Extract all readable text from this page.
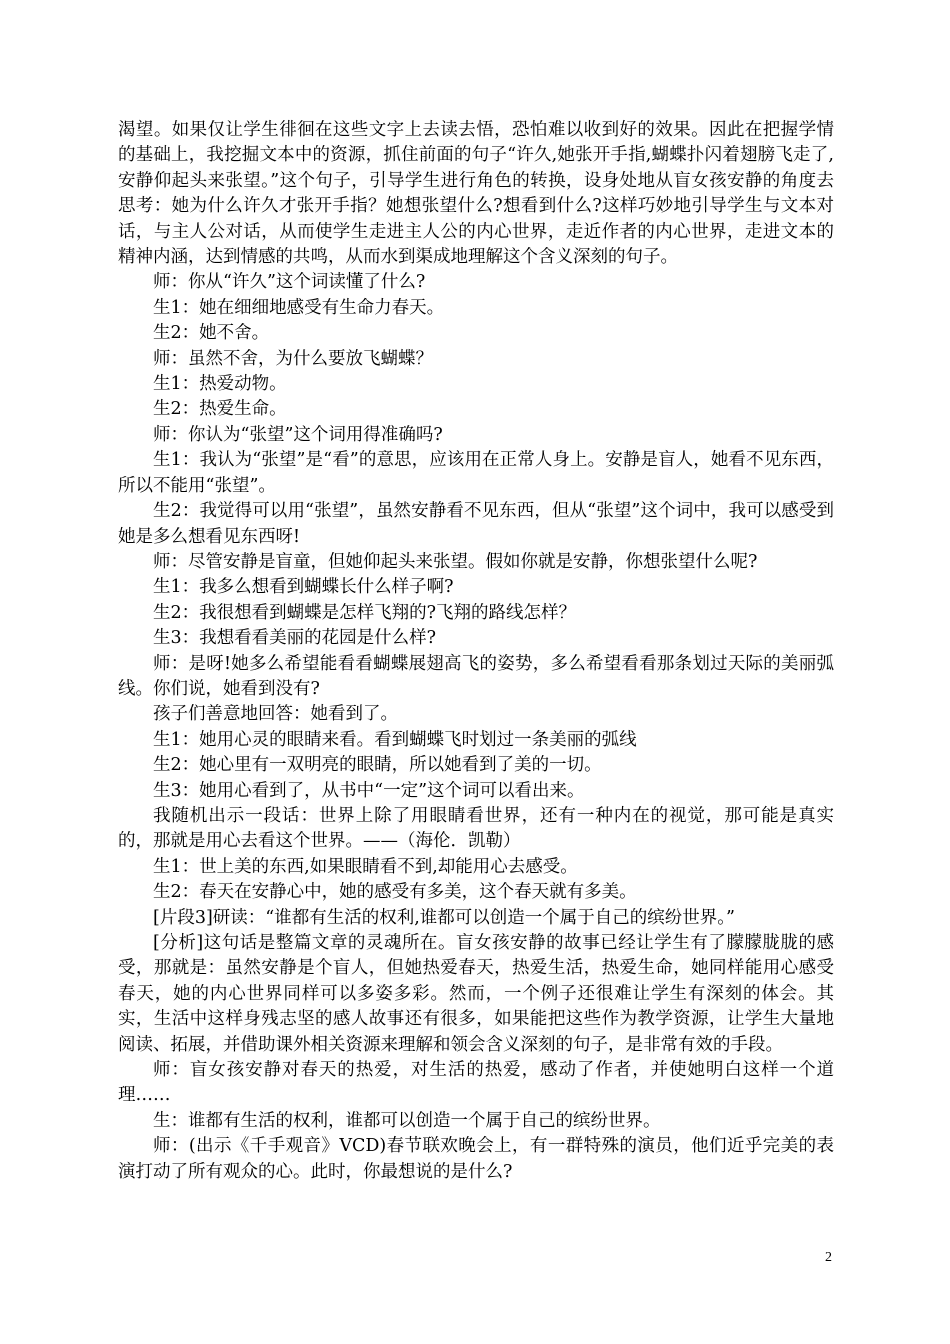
渴望。如果仅让学生徘徊在这些文字上去读去悟，恐怕难以收到好的效果。因此在把握学情的基础上，我挖掘文本中的资源，抓住前面的句子“许久,她张开手指,蝴蝶扑闪着翅膀飞走了,安静仰起头来张望。”这个句子，引导学生进行角色的转换，设身处地从盲女孩安静的角度去思考：她为什么许久才张开手指？她想张望什么?想看到什么?这样巧妙地引导学生与文本对话，与主人公对话，从而使学生走进主人公的内心世界，走近作者的内心世界，走进文本的精神内涵，达到情感的共鸣，从而水到渠成地理解这个含义深刻的句子。

师：你从“许久”这个词读懂了什么?

生1：她在细细地感受有生命力春天。

生2：她不舍。

师：虽然不舍，为什么要放飞蝴蝶？

生1：热爱动物。

生2：热爱生命。

师：你认为“张望”这个词用得准确吗?

生1：我认为“张望”是“看”的意思，应该用在正常人身上。安静是盲人，她看不见东西，所以不能用“张望”。

生2：我觉得可以用“张望”，虽然安静看不见东西，但从“张望”这个词中，我可以感受到她是多么想看见东西呀!

师：尽管安静是盲童，但她仰起头来张望。假如你就是安静，你想张望什么呢?

生1：我多么想看到蝴蝶长什么样子啊?

生2：我很想看到蝴蝶是怎样飞翔的?飞翔的路线怎样？

生3：我想看看美丽的花园是什么样?

师：是呀!她多么希望能看看蝴蝶展翅高飞的姿势，多么希望看看那条划过天际的美丽弧线。你们说，她看到没有?

孩子们善意地回答：她看到了。

生1：她用心灵的眼睛来看。看到蝴蝶飞时划过一条美丽的弧线

生2：她心里有一双明亮的眼睛，所以她看到了美的一切。

生3：她用心看到了，从书中“一定”这个词可以看出来。

我随机出示一段话：世界上除了用眼睛看世界，还有一种内在的视觉，那可能是真实的，那就是用心去看这个世界。——（海伦．凯勒）

生1：世上美的东西,如果眼睛看不到,却能用心去感受。

生2：春天在安静心中，她的感受有多美，这个春天就有多美。

[片段3]研读：“谁都有生活的权利,谁都可以创造一个属于自己的缤纷世界。”

[分析]这句话是整篇文章的灵魂所在。盲女孩安静的故事已经让学生有了朦朦胧胧的感受，那就是：虽然安静是个盲人，但她热爱春天，热爱生活，热爱生命，她同样能用心感受春天，她的内心世界同样可以多姿多彩。然而，一个例子还很难让学生有深刻的体会。其实，生活中这样身残志坚的感人故事还有很多，如果能把这些作为教学资源，让学生大量地阅读、拓展，并借助课外相关资源来理解和领会含义深刻的句子，是非常有效的手段。

师：盲女孩安静对春天的热爱，对生活的热爱，感动了作者，并使她明白这样一个道理……

生：谁都有生活的权利，谁都可以创造一个属于自己的缤纷世界。

师：(出示《千手观音》VCD)春节联欢晚会上，有一群特殊的演员，他们近乎完美的表演打动了所有观众的心。此时，你最想说的是什么?

2
